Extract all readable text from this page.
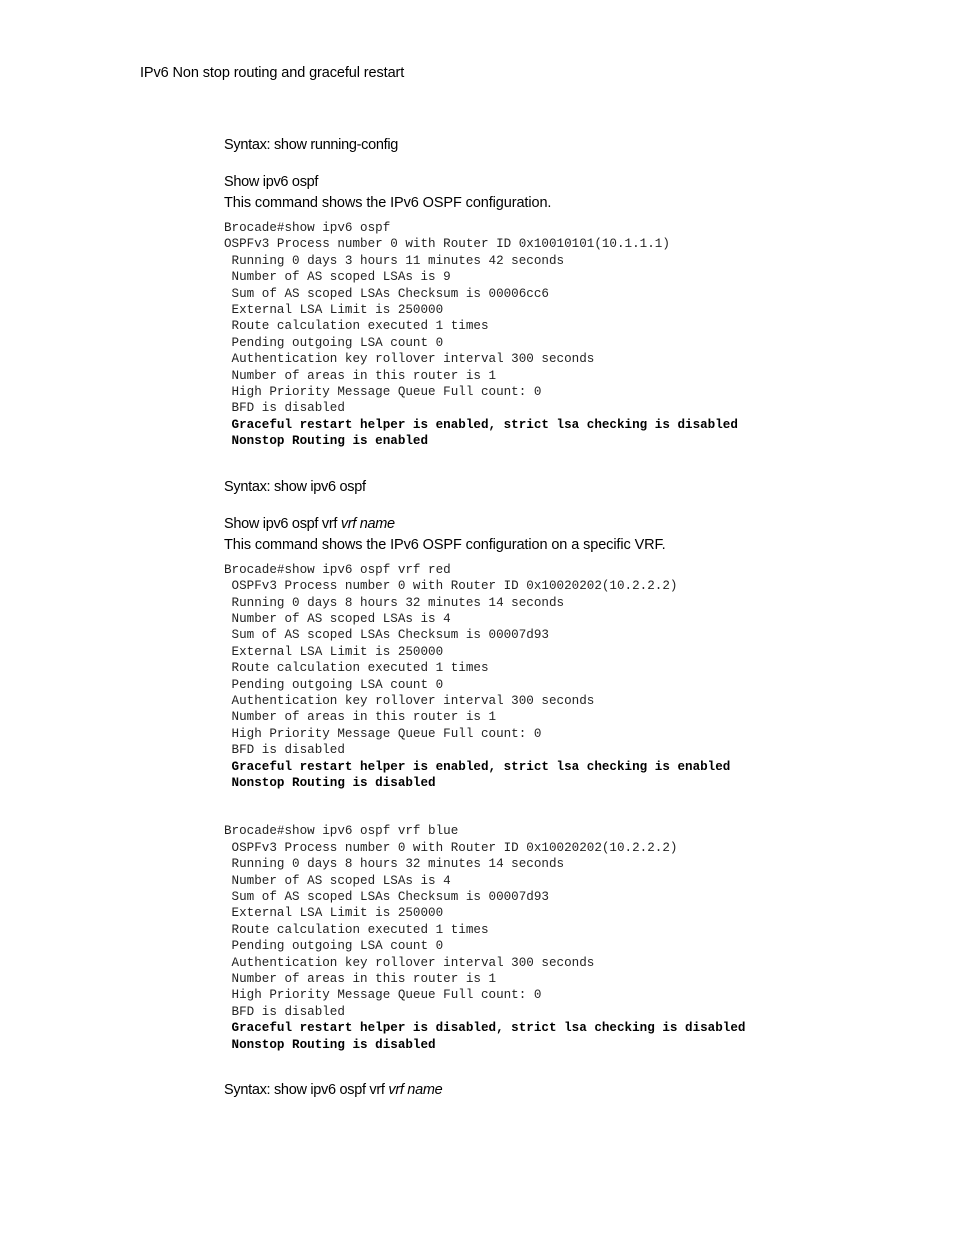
IPv6 Non stop routing and graceful restart
Syntax: show running-config
Show ipv6 ospf
This command shows the IPv6 OSPF configuration.
Brocade#show ipv6 ospf
OSPFv3 Process number 0 with Router ID 0x10010101(10.1.1.1)
Running 0 days 3 hours 11 minutes 42 seconds
Number of AS scoped LSAs is 9
Sum of AS scoped LSAs Checksum is 00006cc6
External LSA Limit is 250000
Route calculation executed 1 times
Pending outgoing LSA count 0
Authentication key rollover interval 300 seconds
Number of areas in this router is 1
High Priority Message Queue Full count: 0
BFD is disabled
Graceful restart helper is enabled, strict lsa checking is disabled
Nonstop Routing is enabled
Syntax: show ipv6 ospf
Show ipv6 ospf vrf vrf name
This command shows the IPv6 OSPF configuration on a specific VRF.
Brocade#show ipv6 ospf vrf red
OSPFv3 Process number 0 with Router ID 0x10020202(10.2.2.2)
Running 0 days 8 hours 32 minutes 14 seconds
Number of AS scoped LSAs is 4
Sum of AS scoped LSAs Checksum is 00007d93
External LSA Limit is 250000
Route calculation executed 1 times
Pending outgoing LSA count 0
Authentication key rollover interval 300 seconds
Number of areas in this router is 1
High Priority Message Queue Full count: 0
BFD is disabled
Graceful restart helper is enabled, strict lsa checking is enabled
Nonstop Routing is disabled
Brocade#show ipv6 ospf vrf blue
OSPFv3 Process number 0 with Router ID 0x10020202(10.2.2.2)
Running 0 days 8 hours 32 minutes 14 seconds
Number of AS scoped LSAs is 4
Sum of AS scoped LSAs Checksum is 00007d93
External LSA Limit is 250000
Route calculation executed 1 times
Pending outgoing LSA count 0
Authentication key rollover interval 300 seconds
Number of areas in this router is 1
High Priority Message Queue Full count: 0
BFD is disabled
Graceful restart helper is disabled, strict lsa checking is disabled
Nonstop Routing is disabled
Syntax: show ipv6 ospf vrf vrf name
